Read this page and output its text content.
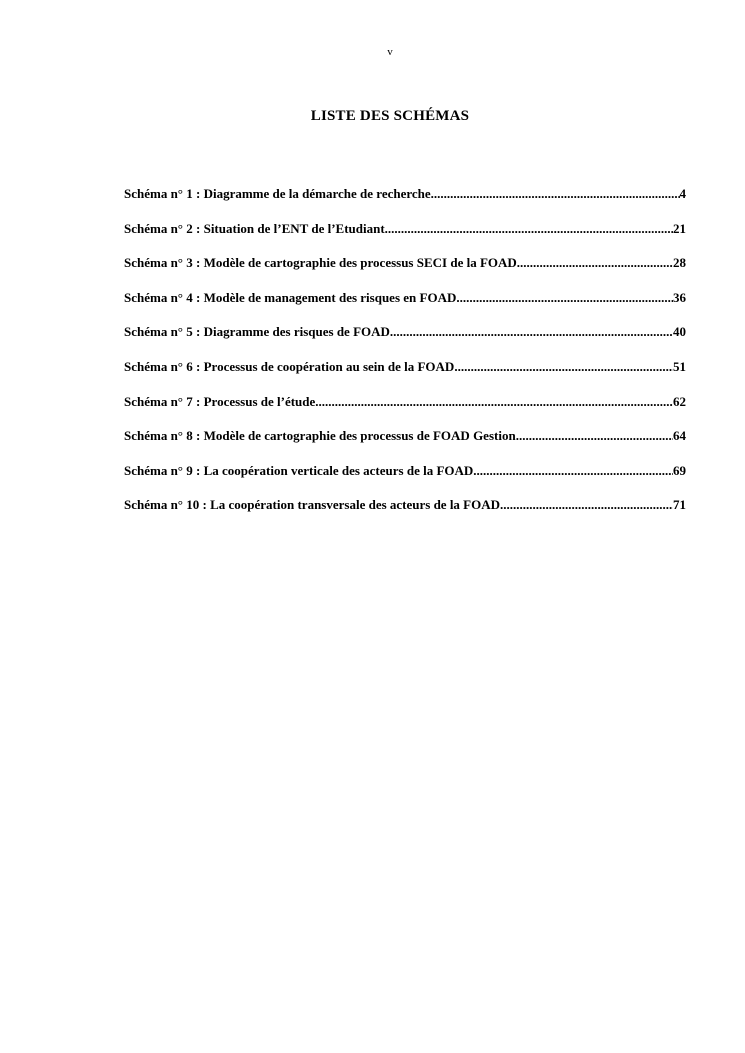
v
LISTE DES SCHÉMAS
Schéma n° 1 : Diagramme de la démarche de recherche .....	4
Schéma n° 2 : Situation de l’ENT de l’Etudiant .....	21
Schéma n° 3 : Modèle de cartographie des processus SECI de la FOAD .....	28
Schéma n° 4 : Modèle de management des risques en FOAD .....	36
Schéma n° 5 : Diagramme des risques de FOAD .....	40
Schéma n° 6 : Processus de coopération au sein de la FOAD .....	51
Schéma n° 7 : Processus de l’étude .....	62
Schéma n° 8 : Modèle de cartographie des processus de FOAD Gestion .....	64
Schéma n° 9 : La coopération verticale des acteurs de la FOAD .....	69
Schéma n° 10 : La coopération transversale des acteurs de la FOAD .....	71
